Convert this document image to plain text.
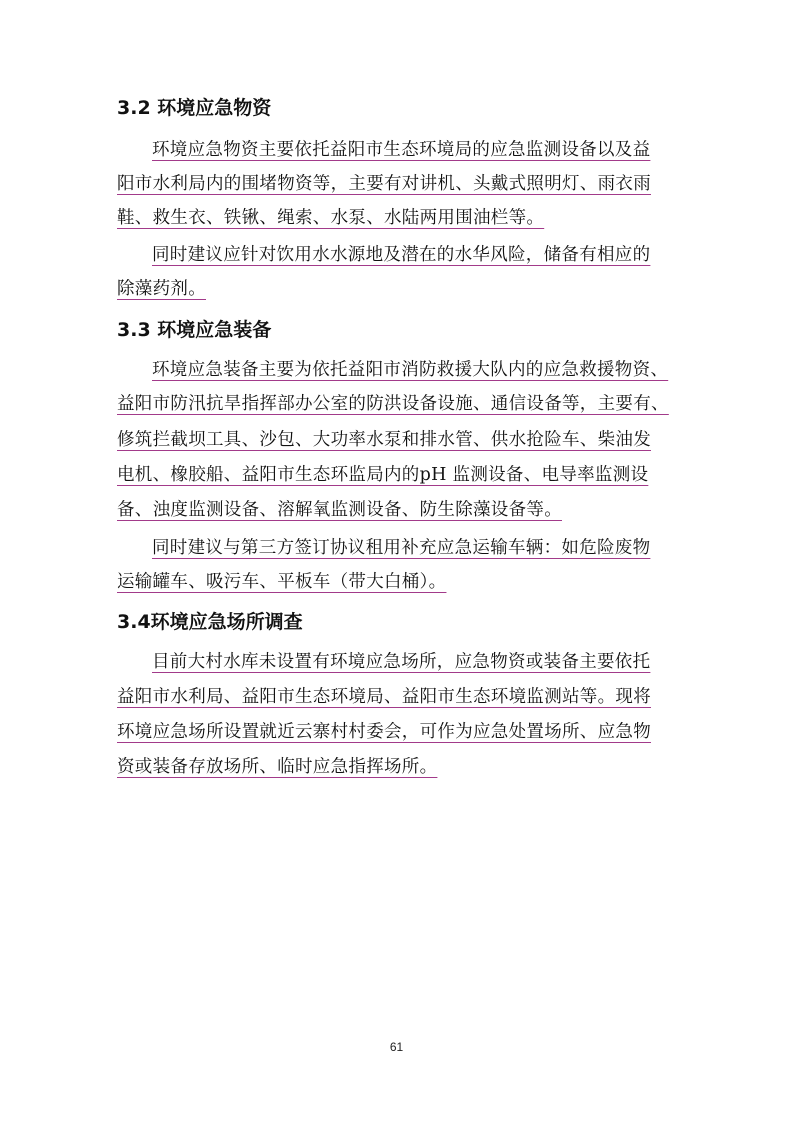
3.2 环境应急物资
环境应急物资主要依托益阳市生态环境局的应急监测设备以及益
阳市水利局内的围堵物资等，主要有对讲机、头戴式照明灯、雨衣雨
鞋、救生衣、铁锹、绳索、水泵、水陆两用围油栏等。
同时建议应针对饮用水水源地及潜在的水华风险，储备有相应的
除藻药剂。
3.3 环境应急装备
环境应急装备主要为依托益阳市消防救援大队内的应急救援物资、
益阳市防汛抗旱指挥部办公室的防洪设备设施、通信设备等，主要有、
修筑拦截坝工具、沙包、大功率水泵和排水管、供水抢险车、柴油发
电机、橡胶船、益阳市生态环监局内的pH 监测设备、电导率监测设
备、浊度监测设备、溶解氧监测设备、防生除藻设备等。
同时建议与第三方签订协议租用补充应急运输车辆：如危险废物
运输罐车、吸污车、平板车（带大白桶）。
3.4环境应急场所调查
目前大村水库未设置有环境应急场所，应急物资或装备主要依托
益阳市水利局、益阳市生态环境局、益阳市生态环境监测站等。现将
环境应急场所设置就近云寨村村委会，可作为应急处置场所、应急物
资或装备存放场所、临时应急指挥场所。
61
